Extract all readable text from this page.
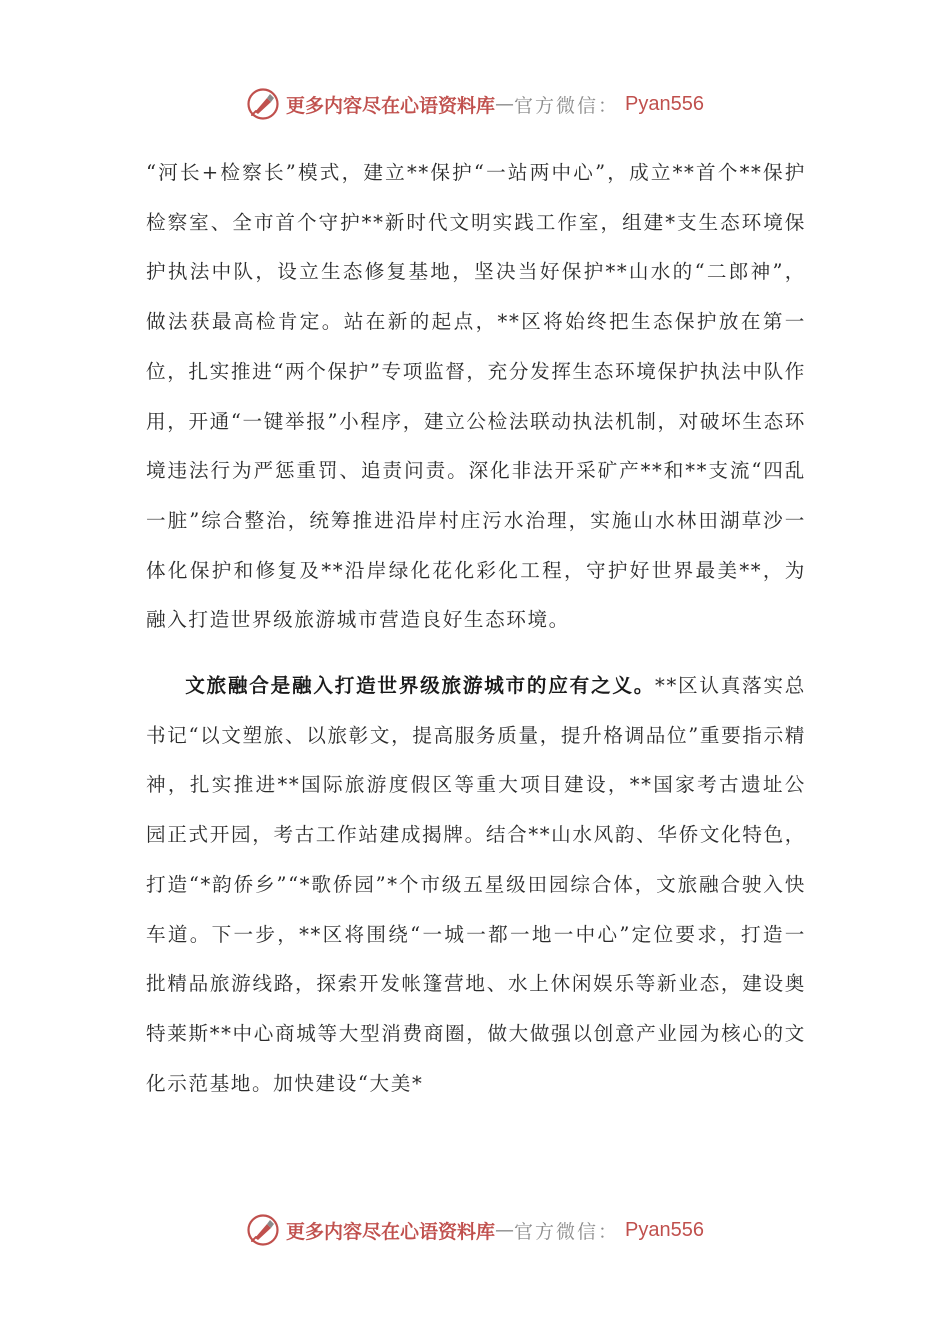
更多内容尽在心语资料库 — 官方微信： Pyan556

“河长+检察长”模式，建立**保护“一站两中心”，成立**首个**保护检察室、全市首个守护**新时代文明实践工作室，组建*支生态环境保护执法中队，设立生态修复基地，坚决当好保护**山水的“二郎神”，做法获最高检肯定。站在新的起点，**区将始终把生态保护放在第一位，扎实推进“两个保护”专项监督，充分发挥生态环境保护执法中队作用，开通“一键举报”小程序，建立公检法联动执法机制，对破坏生态环境违法行为严惩重罚、追责问责。深化非法开采矿产**和**支流“四乱一脏”综合整治，统筹推进沿岸村庄污水治理，实施山水林田湖草沙一体化保护和修复及**沿岸绿化花化彩化工程，守护好世界最美**，为融入打造世界级旅游城市营造良好生态环境。

文旅融合是融入打造世界级旅游城市的应有之义。**区认真落实总书记“以文塑旅、以旅彰文，提高服务质量，提升格调品位”重要指示精神，扎实推进**国际旅游度假区等重大项目建设，**国家考古遗址公园正式开园，考古工作站建成揭牌。结合**山水风韵、华侨文化特色，打造“*韵侨乡”“*歌侨园”*个市级五星级田园综合体，文旅融合驶入快车道。下一步，**区将围绕“一城一都一地一中心”定位要求，打造一批精品旅游线路，探索开发帐篷营地、水上休闲娱乐等新业态，建设奥特莱斯**中心商城等大型消费商圈，做大做强以创意产业园为核心的文化示范基地。加快建设“大美*

更多内容尽在心语资料库 — 官方微信： Pyan556
